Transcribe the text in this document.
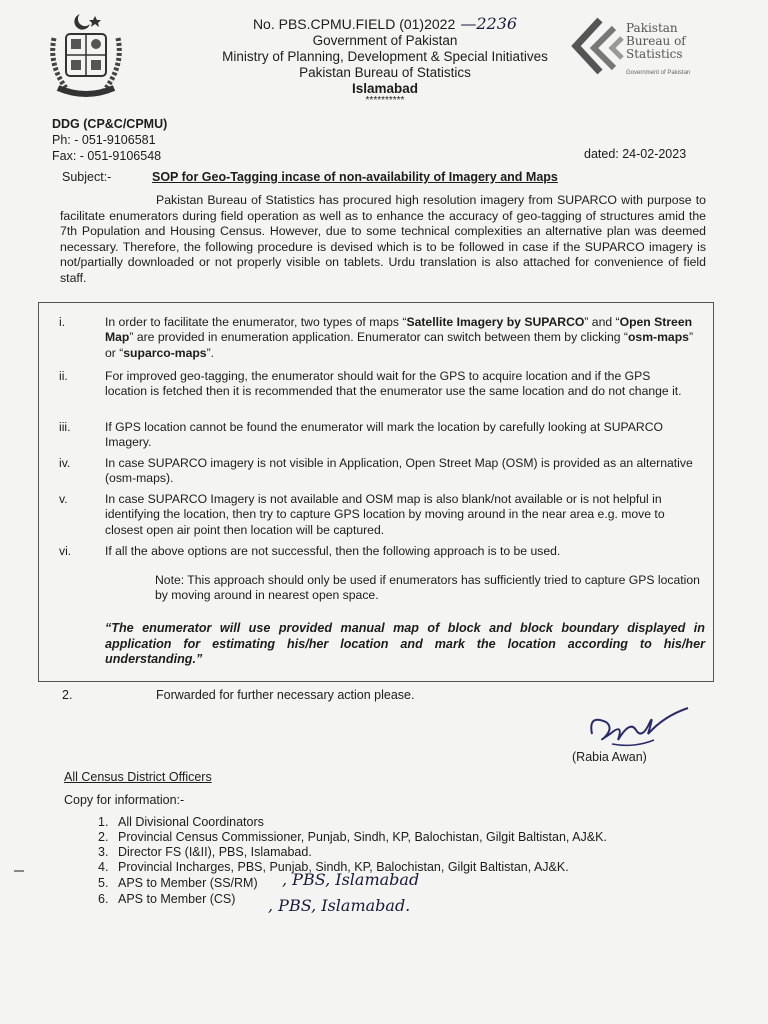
No. PBS.CPMU.FIELD (01)2022 —2236
Government of Pakistan
Ministry of Planning, Development & Special Initiatives
Pakistan Bureau of Statistics
Islamabad
**********
Pakistan Bureau of Statistics
Government of Pakistan
DDG (CP&C/CPMU)
Ph: - 051-9106581
Fax: - 051-9106548	dated: 24-02-2023
Subject:-	SOP for Geo-Tagging incase of non-availability of Imagery and Maps
Pakistan Bureau of Statistics has procured high resolution imagery from SUPARCO with purpose to facilitate enumerators during field operation as well as to enhance the accuracy of geo-tagging of structures amid the 7th Population and Housing Census. However, due to some technical complexities an alternative plan was deemed necessary. Therefore, the following procedure is devised which is to be followed in case if the SUPARCO imagery is not/partially downloaded or not properly visible on tablets. Urdu translation is also attached for convenience of field staff.
i.	In order to facilitate the enumerator, two types of maps “Satellite Imagery by SUPARCO” and “Open Streen Map” are provided in enumeration application. Enumerator can switch between them by clicking “osm-maps” or “suparco-maps”.
ii.	For improved geo-tagging, the enumerator should wait for the GPS to acquire location and if the GPS location is fetched then it is recommended that the enumerator use the same location and do not change it.
iii.	If GPS location cannot be found the enumerator will mark the location by carefully looking at SUPARCO Imagery.
iv.	In case SUPARCO imagery is not visible in Application, Open Street Map (OSM) is provided as an alternative (osm-maps).
v.	In case SUPARCO Imagery is not available and OSM map is also blank/not available or is not helpful in identifying the location, then try to capture GPS location by moving around in the near area e.g. move to closest open air point then location will be captured.
vi.	If all the above options are not successful, then the following approach is to be used.
Note: This approach should only be used if enumerators has sufficiently tried to capture GPS location by moving around in nearest open space.
“The enumerator will use provided manual map of block and block boundary displayed in application for estimating his/her location and mark the location according to his/her understanding.”
2.	Forwarded for further necessary action please.
(Rabia Awan)
All Census District Officers
Copy for information:-
1. All Divisional Coordinators
2. Provincial Census Commissioner, Punjab, Sindh, KP, Balochistan, Gilgit Baltistan, AJ&K.
3. Director FS (I&II), PBS, Islamabad.
4. Provincial Incharges, PBS, Punjab, Sindh, KP, Balochistan, Gilgit Baltistan, AJ&K.
5. APS to Member (SS/RM)
6. APS to Member (CS)
, PBS, Islamabad
, PBS, Islamabad.
